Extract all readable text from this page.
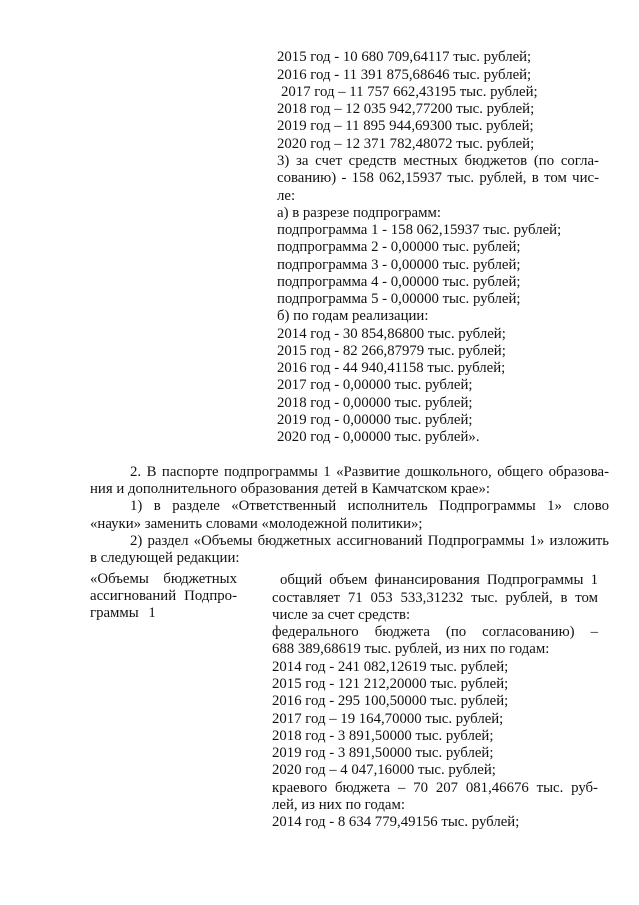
2015 год - 10 680 709,64117 тыс. рублей;
2016 год - 11 391 875,68646 тыс. рублей;
2017 год – 11 757 662,43195 тыс. рублей;
2018 год – 12 035 942,77200 тыс. рублей;
2019 год – 11 895 944,69300 тыс. рублей;
2020 год – 12 371 782,48072 тыс. рублей;
3) за счет средств местных бюджетов (по согла-
сованию) - 158 062,15937 тыс. рублей, в том чис-
ле:
а) в разрезе подпрограмм:
подпрограмма 1 - 158 062,15937 тыс. рублей;
подпрограмма 2 - 0,00000 тыс. рублей;
подпрограмма 3 - 0,00000 тыс. рублей;
подпрограмма 4 - 0,00000 тыс. рублей;
подпрограмма 5 - 0,00000 тыс. рублей;
б) по годам реализации:
2014 год - 30 854,86800 тыс. рублей;
2015 год - 82 266,87979 тыс. рублей;
2016 год - 44 940,41158 тыс. рублей;
2017 год - 0,00000 тыс. рублей;
2018 год - 0,00000 тыс. рублей;
2019 год - 0,00000 тыс. рублей;
2020 год - 0,00000 тыс. рублей».
2. В паспорте подпрограммы 1 «Развитие дошкольного, общего образова-
ния и дополнительного образования детей в Камчатском крае»:
1) в разделе «Ответственный исполнитель Подпрограммы 1» слово
«науки» заменить словами «молодежной политики»;
2) раздел «Объемы бюджетных ассигнований Подпрограммы 1» изложить
в следующей редакции:
«Объемы бюджетных
ассигнований Подпро-
граммы 1
общий объем финансирования Подпрограммы 1
составляет 71 053 533,31232 тыс. рублей, в том
числе за счет средств:
федерального бюджета (по согласованию) –
688 389,68619 тыс. рублей, из них по годам:
2014 год - 241 082,12619 тыс. рублей;
2015 год - 121 212,20000 тыс. рублей;
2016 год - 295 100,50000 тыс. рублей;
2017 год – 19 164,70000 тыс. рублей;
2018 год - 3 891,50000 тыс. рублей;
2019 год - 3 891,50000 тыс. рублей;
2020 год – 4 047,16000 тыс. рублей;
краевого бюджета – 70 207 081,46676 тыс. руб-
лей, из них по годам:
2014 год - 8 634 779,49156 тыс. рублей;
